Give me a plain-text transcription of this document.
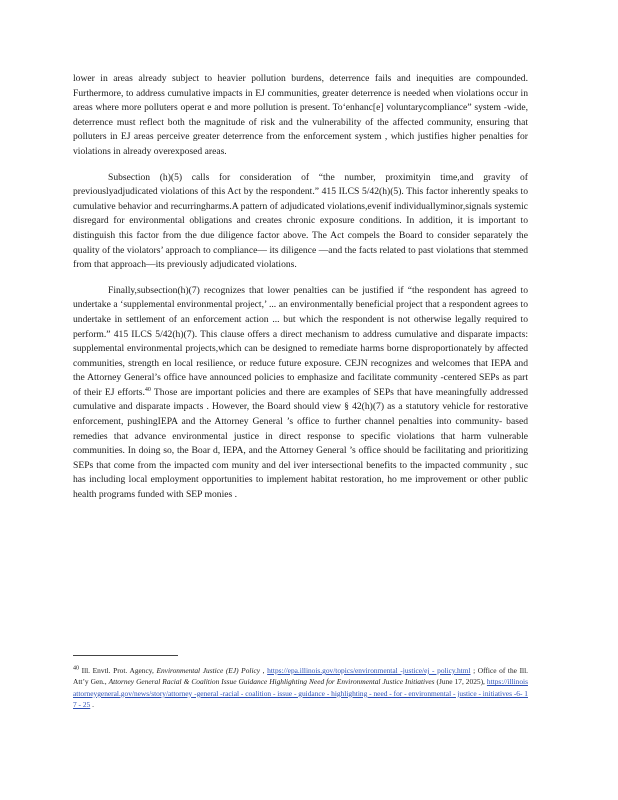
lower in areas already subject to heavier pollution burdens, deterrence fails and inequities are compounded. Furthermore, to address cumulative impacts in EJ communities, greater deterrence is needed when violations occur in areas where more polluters operat e and more pollution is present. To‘enhanc[e] voluntarycompliance” system -wide, deterrence must reflect both the magnitude of risk and the vulnerability of the affected community, ensuring that polluters in EJ areas perceive greater deterrence from the enforcement system , which justifies higher penalties for violations in already overexposed areas.

Subsection (h)(5) calls for consideration of “the number, proximityin time,and gravity of previouslyadjudicated violations of this Act by the respondent.” 415 ILCS 5/42(h)(5). This factor inherently speaks to cumulative behavior and recurringharms.A pattern of adjudicated violations,evenif individuallyminor,signals systemic disregard for environmental obligations and creates chronic exposure conditions. In addition, it is important to distinguish this factor from the due diligence factor above. The Act compels the Board to consider separately the quality of the violators’ approach to compliance— its diligence —and the facts related to past violations that stemmed from that approach—its previously adjudicated violations.

Finally,subsection(h)(7) recognizes that lower penalties can be justified if “the respondent has agreed to undertake a ‘supplemental environmental project,’ ... an environmentally beneficial project that a respondent agrees to undertake in settlement of an enforcement action ... but which the respondent is not otherwise legally required to perform.” 415 ILCS 5/42(h)(7). This clause offers a direct mechanism to address cumulative and disparate impacts: supplemental environmental projects,which can be designed to remediate harms borne disproportionately by affected communities, strength en local resilience, or reduce future exposure. CEJN recognizes and welcomes that IEPA and the Attorney General’s office have announced policies to emphasize and facilitate community -centered SEPs as part of their EJ efforts.$^{40}$ Those are important policies and there are examples of SEPs that have meaningfully addressed cumulative and disparate impacts . However, the Board should view § 42(h)(7) as a statutory vehicle for restorative enforcement, pushingIEPA and the Attorney General ’s office to further channel penalties into community- based remedies that advance environmental justice in direct response to specific violations that harm vulnerable communities. In doing so, the Boar d, IEPA, and the Attorney General ’s office should be facilitating and prioritizing SEPs that come from the impacted com munity and del iver intersectional benefits to the impacted community , suc has including local employment opportunities to implement habitat restoration, ho me improvement or other public health programs funded with SEP monies .

$^{40}$ Ill. Envtl. Prot. Agency, Environmental Justice (EJ) Policy , https://epa.illinois.gov/topics/environmental -justice/ej - policy.html ; Office of the Ill. Att’y Gen., Attorney General Racial & Coalition Issue Guidance Highlighting Need for Environmental Justice Initiatives (June 17, 2025), https://illinoisattorneygeneral.gov/news/story/attorney -general -racial - coalition - issue - guidance - highlighting - need - for - environmental - justice - initiatives -6- 17 - 25 .
